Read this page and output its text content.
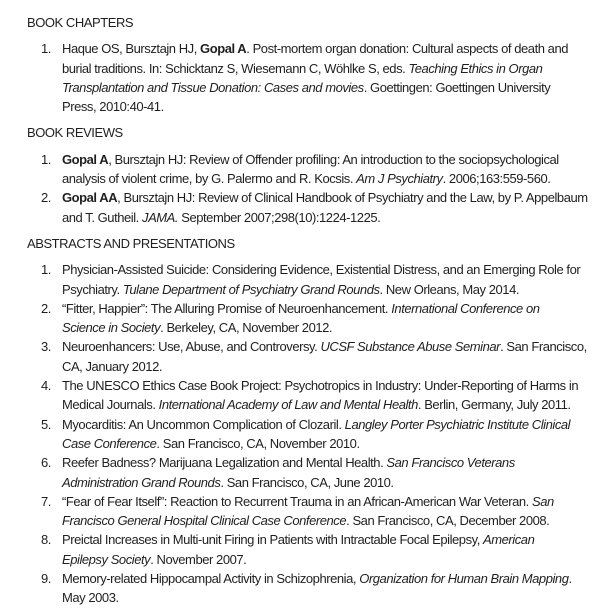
BOOK CHAPTERS
1. Haque OS, Bursztajn HJ, Gopal A. Post-mortem organ donation: Cultural aspects of death and
burial traditions. In: Schicktanz S, Wiesemann C, Wöhlke S, eds. Teaching Ethics in Organ
Transplantation and Tissue Donation: Cases and movies. Goettingen: Goettingen University
Press, 2010:40-41.
BOOK REVIEWS
1. Gopal A, Bursztajn HJ: Review of Offender profiling: An introduction to the sociopsychological
analysis of violent crime, by G. Palermo and R. Kocsis. Am J Psychiatry. 2006;163:559-560.
2. Gopal AA, Bursztajn HJ: Review of Clinical Handbook of Psychiatry and the Law, by P. Appelbaum
and T. Gutheil. JAMA. September 2007;298(10):1224-1225.
ABSTRACTS AND PRESENTATIONS
1. Physician-Assisted Suicide: Considering Evidence, Existential Distress, and an Emerging Role for
Psychiatry. Tulane Department of Psychiatry Grand Rounds. New Orleans, May 2014.
2. “Fitter, Happier”: The Alluring Promise of Neuroenhancement. International Conference on
Science in Society. Berkeley, CA, November 2012.
3. Neuroenhancers: Use, Abuse, and Controversy. UCSF Substance Abuse Seminar. San Francisco,
CA, January 2012.
4. The UNESCO Ethics Case Book Project: Psychotropics in Industry: Under-Reporting of Harms in
Medical Journals. International Academy of Law and Mental Health. Berlin, Germany, July 2011.
5. Myocarditis: An Uncommon Complication of Clozaril. Langley Porter Psychiatric Institute Clinical
Case Conference. San Francisco, CA, November 2010.
6. Reefer Badness? Marijuana Legalization and Mental Health. San Francisco Veterans
Administration Grand Rounds. San Francisco, CA, June 2010.
7. “Fear of Fear Itself”: Reaction to Recurrent Trauma in an African-American War Veteran. San
Francisco General Hospital Clinical Case Conference. San Francisco, CA, December 2008.
8. Preictal Increases in Multi-unit Firing in Patients with Intractable Focal Epilepsy, American
Epilepsy Society. November 2007.
9. Memory-related Hippocampal Activity in Schizophrenia, Organization for Human Brain Mapping.
May 2003.
